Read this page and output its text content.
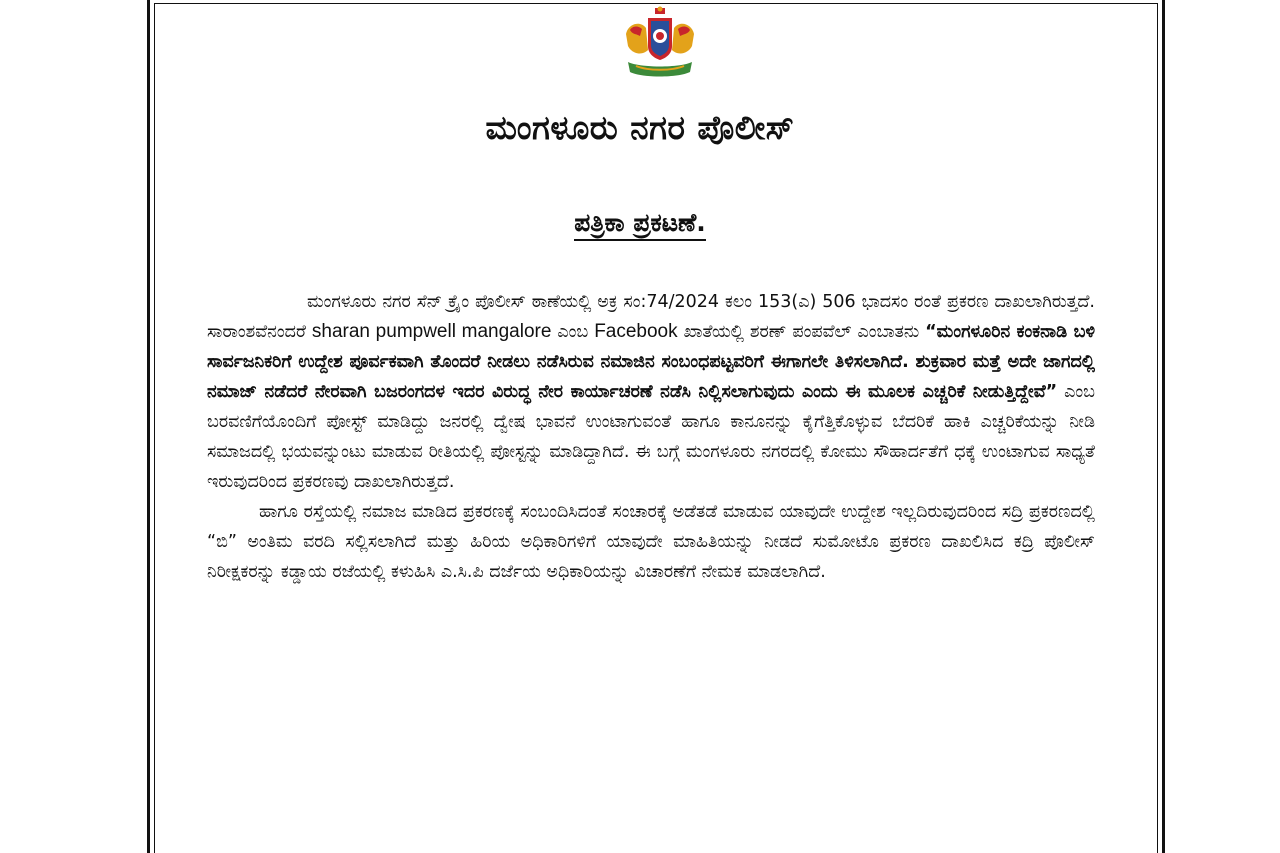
ಮಂಗಳೂರು ನಗರ ಪೊಲೀಸ್
ಪತ್ರಿಕಾ ಪ್ರಕಟಣೆ.

ಮಂಗಳೂರು ನಗರ ಸೆನ್ ಕ್ರೈಂ ಪೊಲೀಸ್ ಠಾಣೆಯಲ್ಲಿ ಅಕ್ರ ಸಂ:74/2024 ಕಲಂ 153(ಎ) 506 ಭಾದಸಂ ರಂತೆ ಪ್ರಕರಣ ದಾಖಲಾಗಿರುತ್ತದೆ. ಸಾರಾಂಶವೆನಂದರೆ sharan pumpwell mangalore ಎಂಬ Facebook ಖಾತೆಯಲ್ಲಿ ಶರಣ್ ಪಂಪವೆಲ್ ಎಂಬಾತನು “ಮಂಗಳೂರಿನ ಕಂಕನಾಡಿ ಬಳಿ ಸಾರ್ವಜನಿಕರಿಗೆ ಉದ್ದೇಶ ಪೂರ್ವಕವಾಗಿ ತೊಂದರೆ ನೀಡಲು ನಡೆಸಿರುವ ನಮಾಜಿನ ಸಂಬಂಧಪಟ್ಟವರಿಗೆ ಈಗಾಗಲೇ ತಿಳಿಸಲಾಗಿದೆ. ಶುಕ್ರವಾರ ಮತ್ತೆ ಅದೇ ಜಾಗದಲ್ಲಿ ನಮಾಜ್ ನಡೆದರೆ ನೇರವಾಗಿ ಬಜರಂಗದಳ ಇದರ ವಿರುದ್ಧ ನೇರ ಕಾರ್ಯಾಚರಣೆ ನಡೆಸಿ ನಿಲ್ಲಿಸಲಾಗುವುದು ಎಂದು ಈ ಮೂಲಕ ಎಚ್ಚರಿಕೆ ನೀಡುತ್ತಿದ್ದೇವೆ” ಎಂಬ ಬರವಣಿಗೆಯೊಂದಿಗೆ ಪೋಸ್ಟ್ ಮಾಡಿದ್ದು ಜನರಲ್ಲಿ ದ್ವೇಷ ಭಾವನೆ ಉಂಟಾಗುವಂತೆ ಹಾಗೂ ಕಾನೂನನ್ನು ಕೈಗೆತ್ತಿಕೊಳ್ಳುವ ಬೆದರಿಕೆ ಹಾಕಿ ಎಚ್ಚರಿಕೆಯನ್ನು ನೀಡಿ ಸಮಾಜದಲ್ಲಿ ಭಯವನ್ನುಂಟು ಮಾಡುವ ರೀತಿಯಲ್ಲಿ ಪೋಸ್ಟನ್ನು ಮಾಡಿದ್ದಾಗಿದೆ. ಈ ಬಗ್ಗೆ ಮಂಗಳೂರು ನಗರದಲ್ಲಿ ಕೋಮು ಸೌಹಾರ್ದತೆಗೆ ಧಕ್ಕೆ ಉಂಟಾಗುವ ಸಾಧ್ಯತೆ ಇರುವುದರಿಂದ ಪ್ರಕರಣವು ದಾಖಲಾಗಿರುತ್ತದೆ.

ಹಾಗೂ ರಸ್ತೆಯಲ್ಲಿ ನಮಾಜ ಮಾಡಿದ ಪ್ರಕರಣಕ್ಕೆ ಸಂಬಂದಿಸಿದಂತೆ ಸಂಚಾರಕ್ಕೆ ಅಡೆತಡೆ ಮಾಡುವ ಯಾವುದೇ ಉದ್ದೇಶ ಇಲ್ಲದಿರುವುದರಿಂದ ಸದ್ರಿ ಪ್ರಕರಣದಲ್ಲಿ “ಬಿ” ಅಂತಿಮ ವರದಿ ಸಲ್ಲಿಸಲಾಗಿದೆ ಮತ್ತು ಹಿರಿಯ ಅಧಿಕಾರಿಗಳಿಗೆ ಯಾವುದೇ ಮಾಹಿತಿಯನ್ನು ನೀಡದೆ ಸುಮೋಟೊ ಪ್ರಕರಣ ದಾಖಲಿಸಿದ ಕದ್ರಿ ಪೊಲೀಸ್ ನಿರೀಕ್ಷಕರನ್ನು ಕಡ್ಡಾಯ ರಜೆಯಲ್ಲಿ ಕಳುಹಿಸಿ ಎ.ಸಿ.ಪಿ ದರ್ಜೆಯ ಅಧಿಕಾರಿಯನ್ನು ವಿಚಾರಣೆಗೆ ನೇಮಕ ಮಾಡಲಾಗಿದೆ.
